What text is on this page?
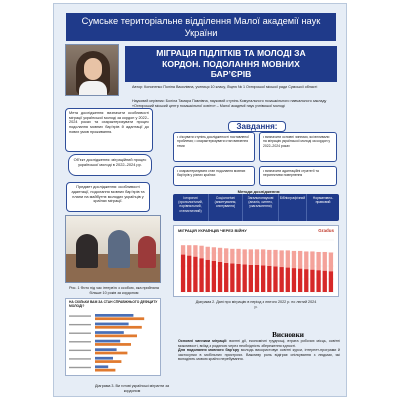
Сумське територіальне відділення Малої академії наук
України
МІГРАЦІЯ ПІДЛІТКІВ ТА МОЛОДІ ЗА
КОРДОН. ПОДОЛАННЯ МОВНИХ
БАР’ЄРІВ
Автор: Кононенко Поліна Василівна, учениця 10 класу, Ліцею № 1 Охтирської міської ради Сумської області
Науковий керівник: Боліла Тамара Павлівна, науковий ступінь Комунального позашкільного навчального закладу «Охтирський міський центр позашкільної освіти» – Малої академії наук учнівської молоді
Мета дослідження: визначити особливості міграції української молоді за кордон у 2022–2024 роках та охарактеризувати процес подолання мовних бар’єрів й адаптації до нових умов проживання.
Об’єкт дослідження: міграційний процес української молоді в 2022–2024 рр.
Предмет дослідження: особливості адаптації, подолання мовних бар’єрів та плани на майбутнє молодих українців у країнах міграції.
Завдання:
• з’ясувати ступінь дослідженості поставленої проблеми; • охарактеризувати стан вивчення теми
• визначити основні чинники, які впливали на міграцію української молоді за кордон у 2022–2024 роках
• охарактеризувати стан подолання мовних бар’єрів у різних країнах
• визначити адаптаційні стратегії та перспективи повернення
Методи дослідження:
Історичні (хронологічний, порівняльний, статистичний)
Соціологічні (анкетування, опитування)
Загальнонаукові (аналіз, синтез, узагальнення)
Бібліографічний	Нормативно-правовий
Рис. 1 Фото під час інтерв’ю з особою, яка прийняла більше 10 років за кордоном
МІГРАЦІЯ УКРАЇНЦІВ ЧЕРЕЗ ВІЙНУ	Gradus
Діаграма 2. Дані про міграцію в період з лютого 2022 р. по лютий 2024 р.
НА СКІЛЬКИ ВАМ ЗА СТАН СПРАВЖНЬОГО ДЕФІЦИТУ МОЛОДІ?
Діаграма 3. Ви готові українські мігранти за кордоном
Висновки
Основні чинники міграції: воєнні дії, економічні труднощі, втрата робочих місць, освітні можливості, виїзд з родиною через необхідність збереження єдності.
Для подолання мовного бар’єру молодь використовує освітні курси, інтернет-програми й застосунки в мобільних пристроях. Важливу роль відіграє спілкування з людьми, які володіють мовою країни перебування.
